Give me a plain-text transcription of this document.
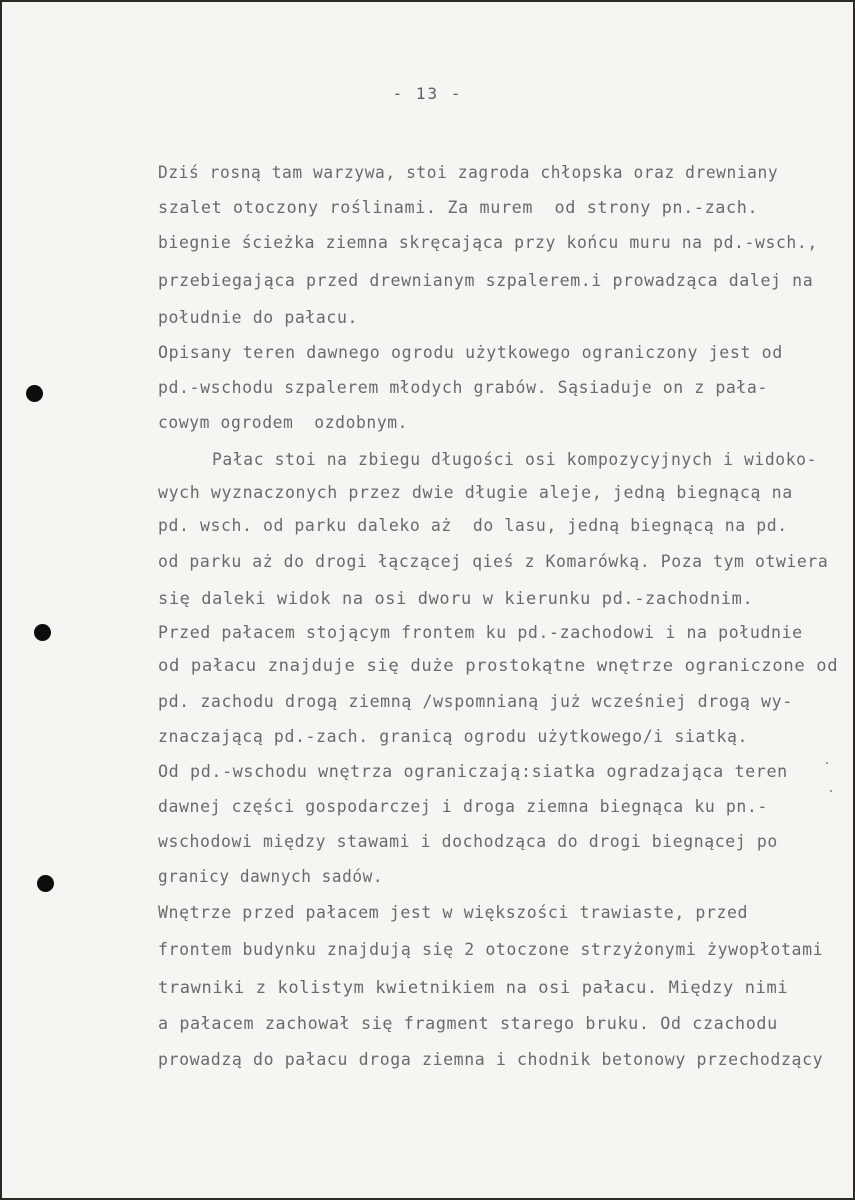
- 13 -
Dziś rosną tam warzywa, stoi zagroda chłopska oraz drewniany
szalet otoczony roślinami. Za murem  od strony pn.-zach.
biegnie ścieżka ziemna skręcająca przy końcu muru na pd.-wsch.,
przebiegająca przed drewnianym szpalerem.i prowadząca dalej na
południe do pałacu.
Opisany teren dawnego ogrodu użytkowego ograniczony jest od
pd.-wschodu szpalerem młodych grabów. Sąsiaduje on z pała-
cowym ogrodem  ozdobnym.
Pałac stoi na zbiegu długości osi kompozycyjnych i widoko-
wych wyznaczonych przez dwie długie aleje, jedną biegnącą na
pd. wsch. od parku daleko aż  do lasu, jedną biegnącą na pd.
od parku aż do drogi łączącej qieś z Komarówką. Poza tym otwiera
się daleki widok na osi dworu w kierunku pd.-zachodnim.
Przed pałacem stojącym frontem ku pd.-zachodowi i na południe
od pałacu znajduje się duże prostokątne wnętrze ograniczone od
pd. zachodu drogą ziemną /wspomnianą już wcześniej drogą wy-
znaczającą pd.-zach. granicą ogrodu użytkowego/i siatką.
Od pd.-wschodu wnętrza ograniczają:siatka ogradzająca teren
dawnej części gospodarczej i droga ziemna biegnąca ku pn.-
wschodowi między stawami i dochodząca do drogi biegnącej po
granicy dawnych sadów.
Wnętrze przed pałacem jest w większości trawiaste, przed
frontem budynku znajdują się 2 otoczone strzyżonymi żywopłotami
trawniki z kolistym kwietnikiem na osi pałacu. Między nimi
a pałacem zachował się fragment starego bruku. Od czachodu
prowadzą do pałacu droga ziemna i chodnik betonowy przechodzący
